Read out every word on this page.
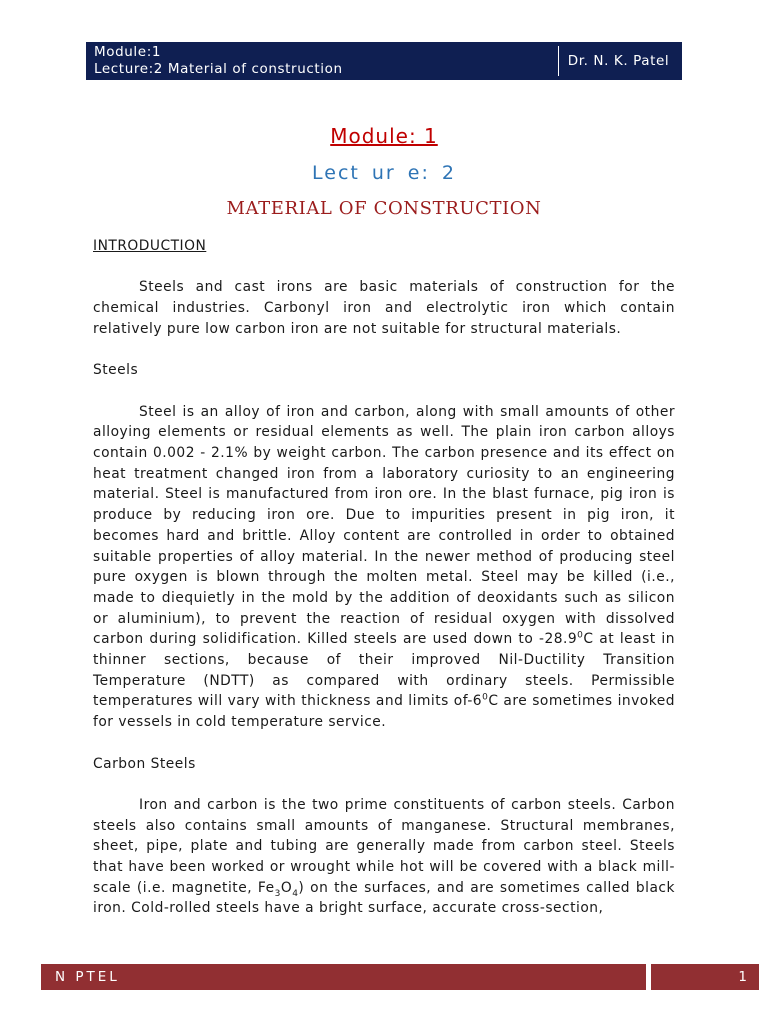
Module:1
Lecture:2 Material of construction	Dr. N. K. Patel
Module: 1
Lect ur e: 2
MATERIAL OF CONSTRUCTION
INTRODUCTION

Steels and cast irons are basic materials of construction for the chemical industries. Carbonyl iron and electrolytic iron which contain relatively pure low carbon iron are not suitable for structural materials.

Steels

Steel is an alloy of iron and carbon, along with small amounts of other alloying elements or residual elements as well. The plain iron carbon alloys contain 0.002 - 2.1% by weight carbon. The carbon presence and its effect on heat treatment changed iron from a laboratory curiosity to an engineering material. Steel is manufactured from iron ore. In the blast furnace, pig iron is produce by reducing iron ore. Due to impurities present in pig iron, it becomes hard and brittle. Alloy content are controlled in order to obtained suitable properties of alloy material. In the newer method of producing steel pure oxygen is blown through the molten metal. Steel may be killed (i.e., made to diequietly in the mold by the addition of deoxidants such as silicon or aluminium), to prevent the reaction of residual oxygen with dissolved carbon during solidification. Killed steels are used down to -28.9$^0$C at least in thinner sections, because of their improved Nil-Ductility Transition Temperature (NDTT) as compared with ordinary steels. Permissible temperatures will vary with thickness and limits $of-6^0C$ are sometimes invoked for vessels in cold temperature service.

Carbon Steels

Iron and carbon is the two prime constituents of carbon steels. Carbon steels also contains small amounts of manganese. Structural membranes, sheet, pipe, plate and tubing are generally made from carbon steel. Steels that have been worked or wrought while hot will be covered with a black mill-scale (i.e. magnetite, $Fe_3O_4$) on the surfaces, and are sometimes called black iron. Cold-rolled steels have a bright surface, accurate cross-section,

N PTEL	1
